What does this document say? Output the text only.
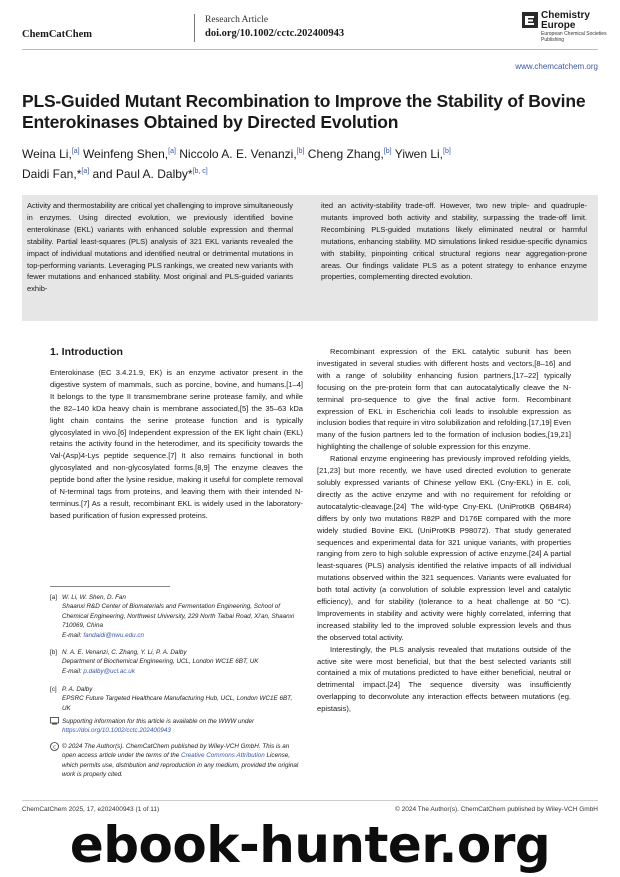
ChemCatChem
Research Article
doi.org/10.1002/cctc.202400943
Chemistry
Europe
European Chemical Societies Publishing
www.chemcatchem.org
PLS-Guided Mutant Recombination to Improve the Stability of Bovine Enterokinases Obtained by Directed Evolution
Weina Li,[a] Weinfeng Shen,[a] Niccolo A. E. Venanzi,[b] Cheng Zhang,[b] Yiwen Li,[b]
Daidi Fan,*[a] and Paul A. Dalby*[b, c]
Activity and thermostability are critical yet challenging to improve simultaneously in enzymes. Using directed evolution, we previously identified bovine enterokinase (EKL) variants with enhanced soluble expression and thermal stability. Partial least-squares (PLS) analysis of 321 EKL variants revealed the impact of individual mutations and identified neutral or detrimental mutations in top-performing variants. Leveraging PLS rankings, we created new variants with fewer mutations and enhanced stability. Most original and PLS-guided variants exhib-
ited an activity-stability trade-off. However, two new triple- and quadruple-mutants improved both activity and stability, surpassing the trade-off limit. Recombining PLS-guided mutations likely eliminated neutral or harmful mutations, enhancing stability. MD simulations linked residue-specific dynamics with stability, pinpointing critical structural regions near aggregation-prone areas. Our findings validate PLS as a potent strategy to enhance enzyme properties, complementing directed evolution.
1. Introduction

Enterokinase (EC 3.4.21.9, EK) is an enzyme activator present in the digestive system of mammals, such as porcine, bovine, and humans.[1–4] It belongs to the type II transmembrane serine protease family, and while the 82–140 kDa heavy chain is membrane associated,[5] the 35–63 kDa light chain contains the serine protease function and is typically glycosylated in vivo.[6] Independent expression of the EK light chain (EKL) retains the activity found in the heterodimer, and its specificity towards the Val-(Asp)4-Lys peptide sequence.[7] It also remains functional in both glycosylated and non-glycosylated forms.[8,9] The enzyme cleaves the peptide bond after the lysine residue, making it useful for complete removal of N-terminal tags from proteins, and leaving them with their intended N-terminus.[7] As a result, recombinant EKL is widely used in the laboratory-based purification of fusion expressed proteins.

Recombinant expression of the EKL catalytic subunit has been investigated in several studies with different hosts and vectors,[8–16] and with a range of solubility enhancing fusion partners,[17–22] typically focusing on the pre-protein form that can autocatalytically cleave the N-terminal pro-sequence to give the final active form. Recombinant expression of EKL in Escherichia coli leads to insoluble expression as inclusion bodies that require in vitro solubilization and refolding.[17,19] Even many of the fusion partners led to the formation of inclusion bodies,[19,21] highlighting the challenge of soluble expression for this enzyme.

Rational enzyme engineering has previously improved refolding yields,[21,23] but more recently, we have used directed evolution to generate solubly expressed variants of Chinese yellow EKL (Cny-EKL) in E. coli, directly as the active enzyme and with no requirement for refolding or autocatalytic-cleavage.[24] The wild-type Cny-EKL (UniProtKB Q6B4R4) differs by only two mutations R82P and D176E compared with the more widely studied Bovine EKL (UniProtKB P98072). That study generated sequences and experimental data for 321 unique variants, with properties ranging from zero to high soluble expression of active enzyme.[24] A partial least-squares (PLS) analysis identified the relative impacts of all individual mutations observed within the 321 sequences. Variants were evaluated for both total activity (a convolution of soluble expression level and catalytic efficiency), and for stability (tolerance to a heat challenge at 50 °C). Improvements in stability and activity were highly correlated, inferring that increased stability led to the improved soluble expression levels and thus the observed total activity.

Interestingly, the PLS analysis revealed that mutations outside of the active site were most beneficial, but that the best selected variants still contained a mix of mutations predicted to have either beneficial, neutral or detrimental impact.[24] The sequence diversity was insufficiently overlapping to deconvolute any interaction effects between mutations (eg. epistasis),

[a] W. Li, W. Shen, D. Fan
Shaanxi R&D Center of Biomaterials and Fermentation Engineering, School of Chemical Engineering, Northwest University, 229 North Taibai Road, Xi'an, Shaanxi 710069, China
E-mail: fandaidi@nwu.edu.cn
[b] N. A. E. Venanzi, C. Zhang, Y. Li, P. A. Dalby
Department of Biochemical Engineering, UCL, London WC1E 6BT, UK
E-mail: p.dalby@ucl.ac.uk
[c] P. A. Dalby
EPSRC Future Targeted Healthcare Manufacturing Hub, UCL, London WC1E 6BT, UK
Supporting information for this article is available on the WWW under
https://doi.org/10.1002/cctc.202400943
c © 2024 The Author(s). ChemCatChem published by Wiley-VCH GmbH. This is an open access article under the terms of the Creative Commons Attribution License, which permits use, distribution and reproduction in any medium, provided the original work is properly cited.
ChemCatChem 2025, 17, e202400943 (1 of 11)	© 2024 The Author(s). ChemCatChem published by Wiley-VCH GmbH
ebook-hunter.org
